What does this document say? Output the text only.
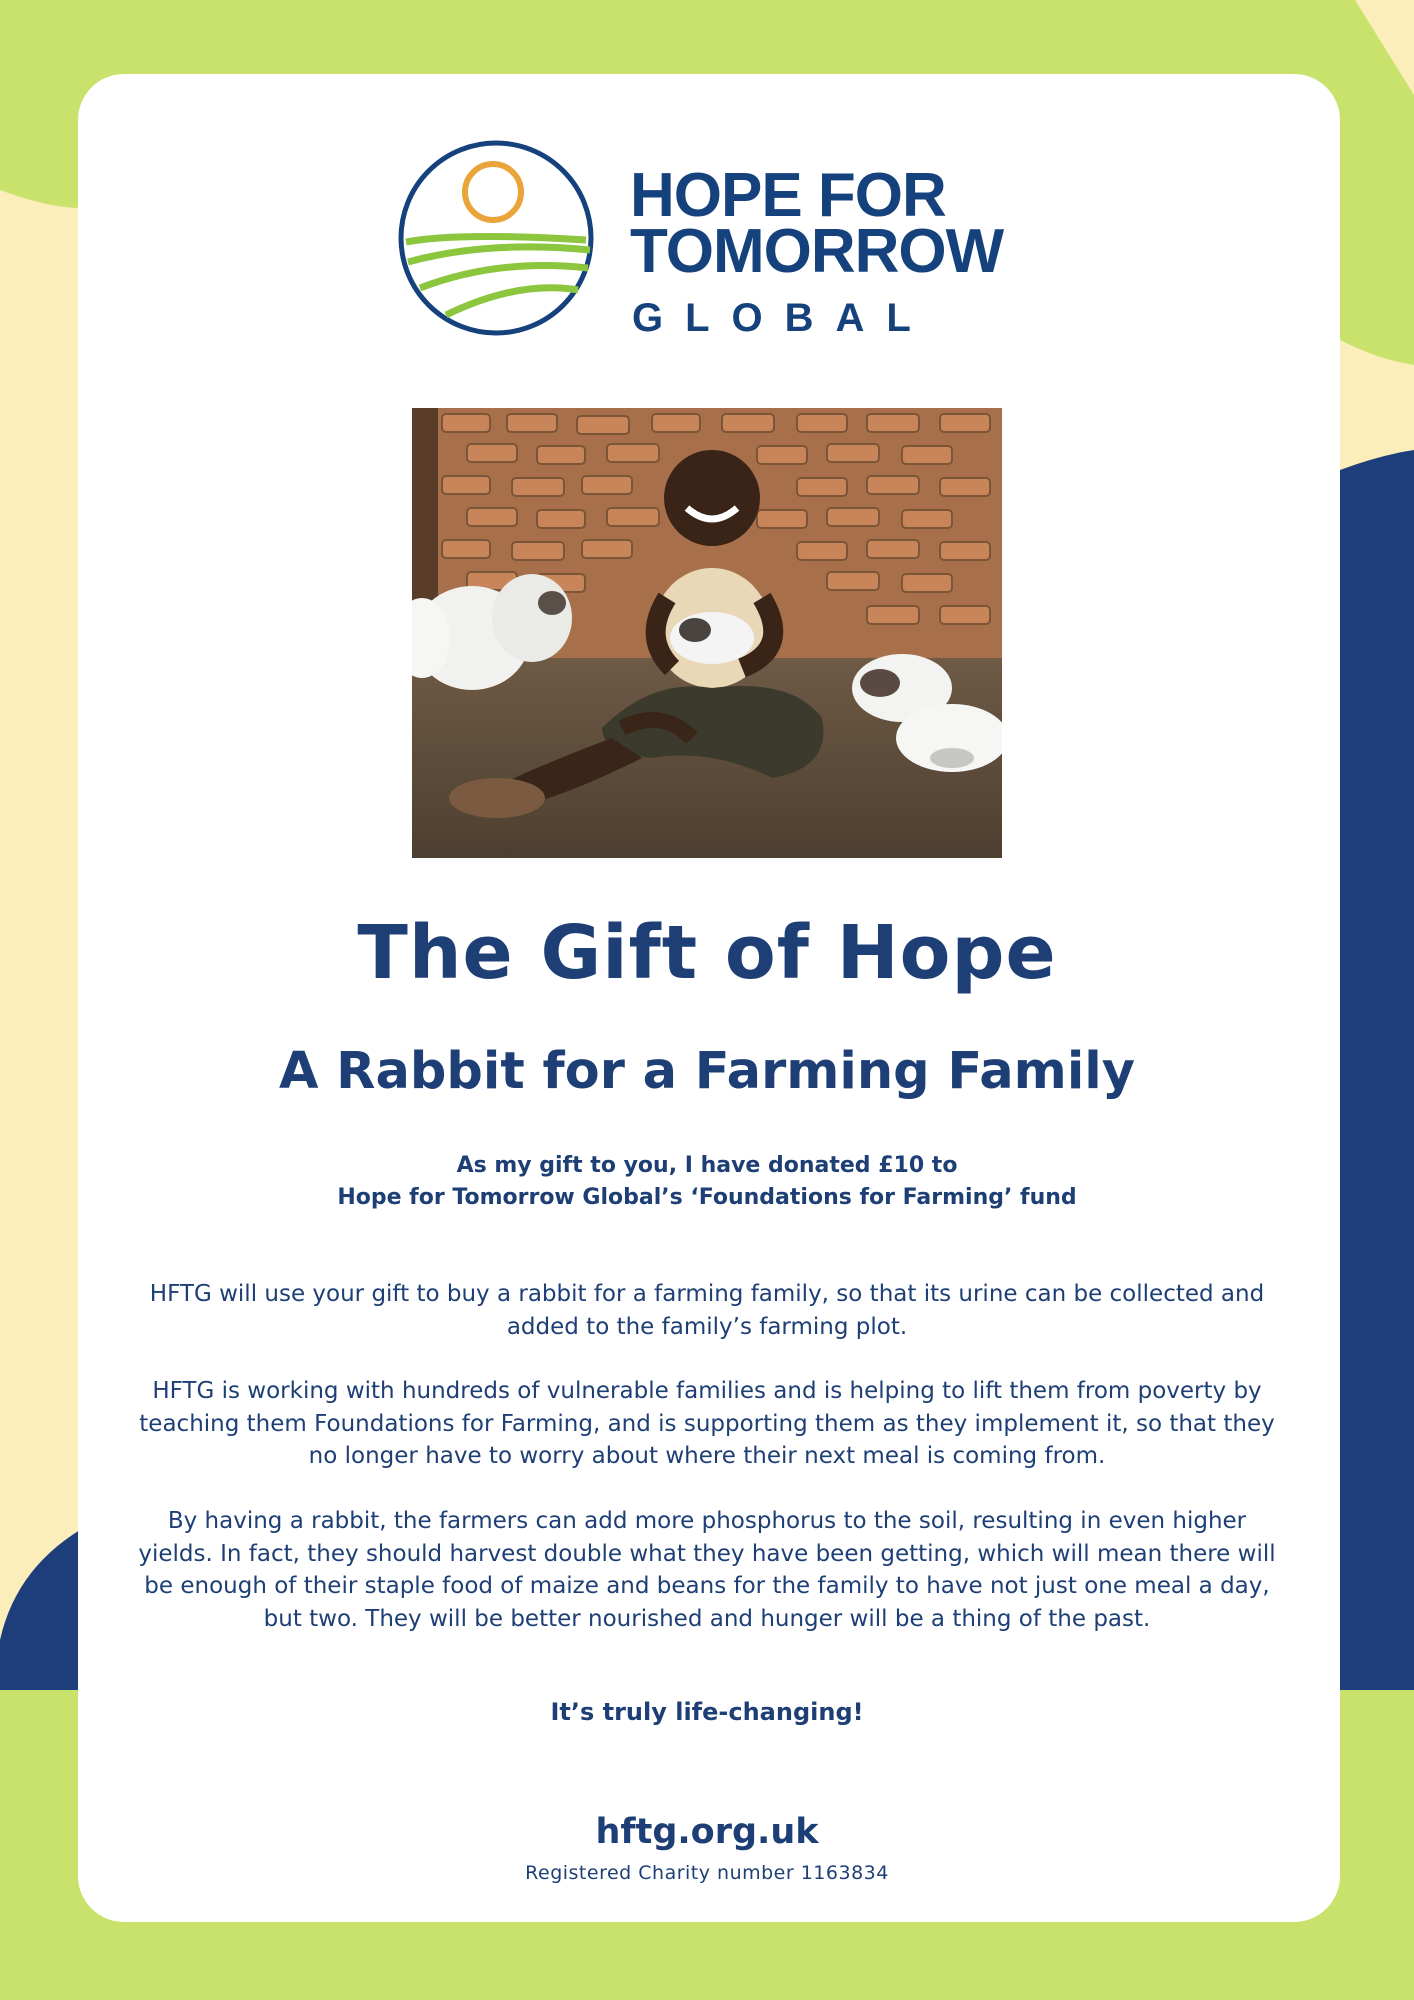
HOPE FOR
TOMORROW
GLOBAL
The Gift of Hope
A Rabbit for a Farming Family
As my gift to you, I have donated £10 to
Hope for Tomorrow Global’s ‘Foundations for Farming’ fund
HFTG will use your gift to buy a rabbit for a farming family, so that its urine can be collected and added to the family’s farming plot.
HFTG is working with hundreds of vulnerable families and is helping to lift them from poverty by teaching them Foundations for Farming, and is supporting them as they implement it, so that they no longer have to worry about where their next meal is coming from.
By having a rabbit, the farmers can add more phosphorus to the soil, resulting in even higher yields. In fact, they should harvest double what they have been getting, which will mean there will be enough of their staple food of maize and beans for the family to have not just one meal a day, but two. They will be better nourished and hunger will be a thing of the past.
It’s truly life-changing!
hftg.org.uk
Registered Charity number 1163834
